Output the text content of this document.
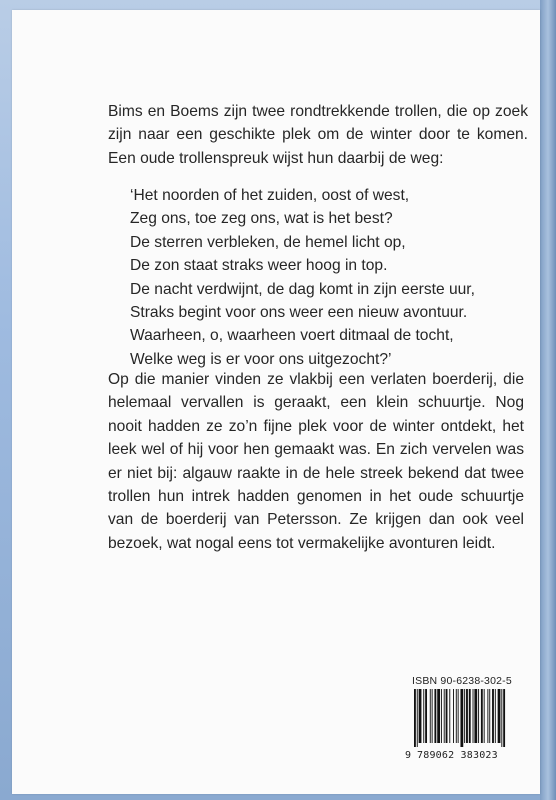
Bims en Boems zijn twee rondtrekkende trollen, die op zoek zijn naar een geschikte plek om de winter door te komen. Een oude trollenspreuk wijst hun daarbij de weg:

‘Het noorden of het zuiden, oost of west,
Zeg ons, toe zeg ons, wat is het best?
De sterren verbleken, de hemel licht op,
De zon staat straks weer hoog in top.
De nacht verdwijnt, de dag komt in zijn eerste uur,
Straks begint voor ons weer een nieuw avontuur.
Waarheen, o, waarheen voert ditmaal de tocht,
Welke weg is er voor ons uitgezocht?’

Op die manier vinden ze vlakbij een verlaten boerderij, die helemaal vervallen is geraakt, een klein schuurtje. Nog nooit hadden ze zo’n fijne plek voor de winter ontdekt, het leek wel of hij voor hen gemaakt was. En zich vervelen was er niet bij: algauw raakte in de hele streek bekend dat twee trollen hun intrek hadden genomen in het oude schuurtje van de boerderij van Petersson. Ze krijgen dan ook veel bezoek, wat nogal eens tot vermakelijke avonturen leidt.

ISBN 90-6238-302-5
9 789062 383023
